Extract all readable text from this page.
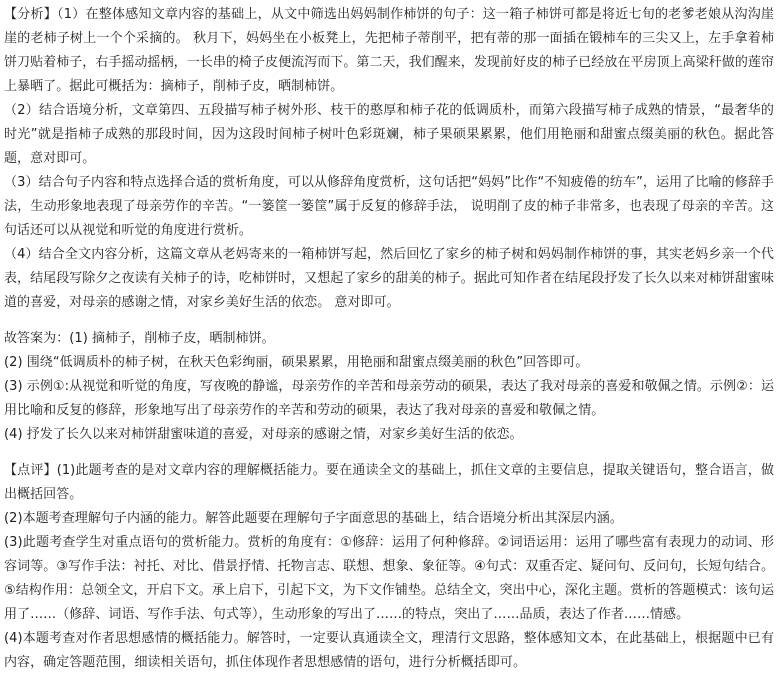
【分析】（1）在整体感知文章内容的基础上，从文中筛选出妈妈制作柿饼的句子：这一箱子柿饼可都是将近七旬的老爹老娘从沟沟崖崖的老柿子树上一个个采摘的。 秋月下，妈妈坐在小板凳上，先把柿子蒂削平，把有蒂的那一面插在锻柿车的三尖又上，左手拿着柿饼刀贴着柿子，右手摇动摇柄，一长串的椅子皮便流泻而下。第二天，我们醒来，发现前好皮的柿子已经放在平房顶上高梁秆做的莲帘上暴晒了。据此可概括为：摘柿子，削柿子皮，晒制柿饼。

（2）结合语境分析，文章第四、五段描写柿子树外形、枝干的憨厚和柿子花的低调质朴，而第六段描写柿子成熟的情景，“最奢华的时光”就是指柿子成熟的那段时间，因为这段时间柿子树叶色彩斑斓，柿子果硕果累累，他们用艳丽和甜蜜点缀美丽的秋色。据此答题，意对即可。

（3）结合句子内容和特点选择合适的赏析角度，可以从修辞角度赏析，这句话把“妈妈”比作“不知疲倦的纺车”，运用了比喻的修辞手法，生动形象地表现了母亲劳作的辛苦。“一篓筐一篓筐”属于反复的修辞手法， 说明削了皮的柿子非常多，也表现了母亲的辛苦。这句话还可以从视觉和听觉的角度进行赏析。

（4）结合全文内容分析，这篇文章从老妈寄来的一箱柿饼写起，然后回忆了家乡的柿子树和妈妈制作柿饼的事，其实老妈乡亲一个代表，结尾段写除夕之夜读有关柿子的诗，吃柿饼时，又想起了家乡的甜美的柿子。据此可知作者在结尾段抒发了长久以来对柿饼甜蜜味道的喜爱，对母亲的感谢之情，对家乡美好生活的依恋。 意对即可。

故答案为：(1) 摘柿子，削柿子皮，晒制柿饼。

(2) 围绕“低调质朴的柿子树，在秋天色彩绚丽，硕果累累，用艳丽和甜蜜点缀美丽的秋色”回答即可。

(3) 示例①:从视觉和听觉的角度，写夜晚的静谧，母亲劳作的辛苦和母亲劳动的硕果，表达了我对母亲的喜爱和敬佩之情。示例②：运用比喻和反复的修辞，形象地写出了母亲劳作的辛苦和劳动的硕果，表达了我对母亲的喜爱和敬佩之情。

(4) 抒发了长久以来对柿饼甜蜜味道的喜爱，对母亲的感谢之情，对家乡美好生活的依恋。

【点评】(1)此题考查的是对文章内容的理解概括能力。要在通读全文的基础上，抓住文章的主要信息，提取关键语句，整合语言，做出概括回答。

(2)本题考查理解句子内涵的能力。解答此题要在理解句子字面意思的基础上，结合语境分析出其深层内涵。

(3)此题考查学生对重点语句的赏析能力。赏析的角度有：①修辞：运用了何种修辞。②词语运用：运用了哪些富有表现力的动词、形容词等。③写作手法：衬托、对比、借景抒情、托物言志、联想、想象、象征等。④句式：双重否定、疑问句、反问句，长短句结合。⑤结构作用：总领全文，开启下文。承上启下，引起下文，为下文作铺垫。总结全文，突出中心，深化主题。赏析的答题模式：该句运用了……（修辞、词语、写作手法、句式等），生动形象的写出了……的特点，突出了……品质，表达了作者……情感。

(4)本题考查对作者思想感情的概括能力。解答时，一定要认真通读全文，理清行文思路，整体感知文本，在此基础上，根据题中已有内容，确定答题范围，细读相关语句，抓住体现作者思想感情的语句，进行分析概括即可。
